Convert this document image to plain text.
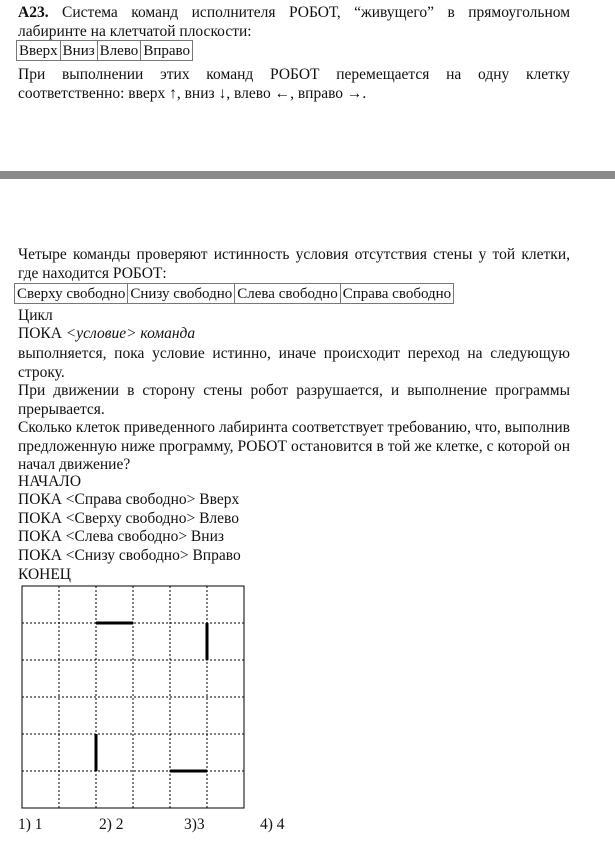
A23. Система команд исполнителя РОБОТ, “живущего” в прямоугольном лабиринте на клетчатой плоскости:
Вверх	Вниз	Влево	Вправо
При выполнении этих команд РОБОТ перемещается на одну клетку соответственно: вверх ↑, вниз ↓, влево ←, вправо →.
Четыре команды проверяют истинность условия отсутствия стены у той клетки, где находится РОБОТ:
Сверху свободно	Снизу свободно	Слева свободно	Справа свободно
Цикл
ПОКА <условие> команда
выполняется, пока условие истинно, иначе происходит переход на следующую строку.
При движении в сторону стены робот разрушается, и выполнение программы прерывается.
Сколько клеток приведенного лабиринта соответствует требованию, что, выполнив предложенную ниже программу, РОБОТ остановится в той же клетке, с которой он начал движение?
НАЧАЛО
ПОКА <Справа свободно> Вверх
ПОКА <Сверху свободно> Влево
ПОКА <Слева свободно> Вниз
ПОКА <Снизу свободно> Вправо
КОНЕЦ
1) 1	2) 2	3)3	4) 4
